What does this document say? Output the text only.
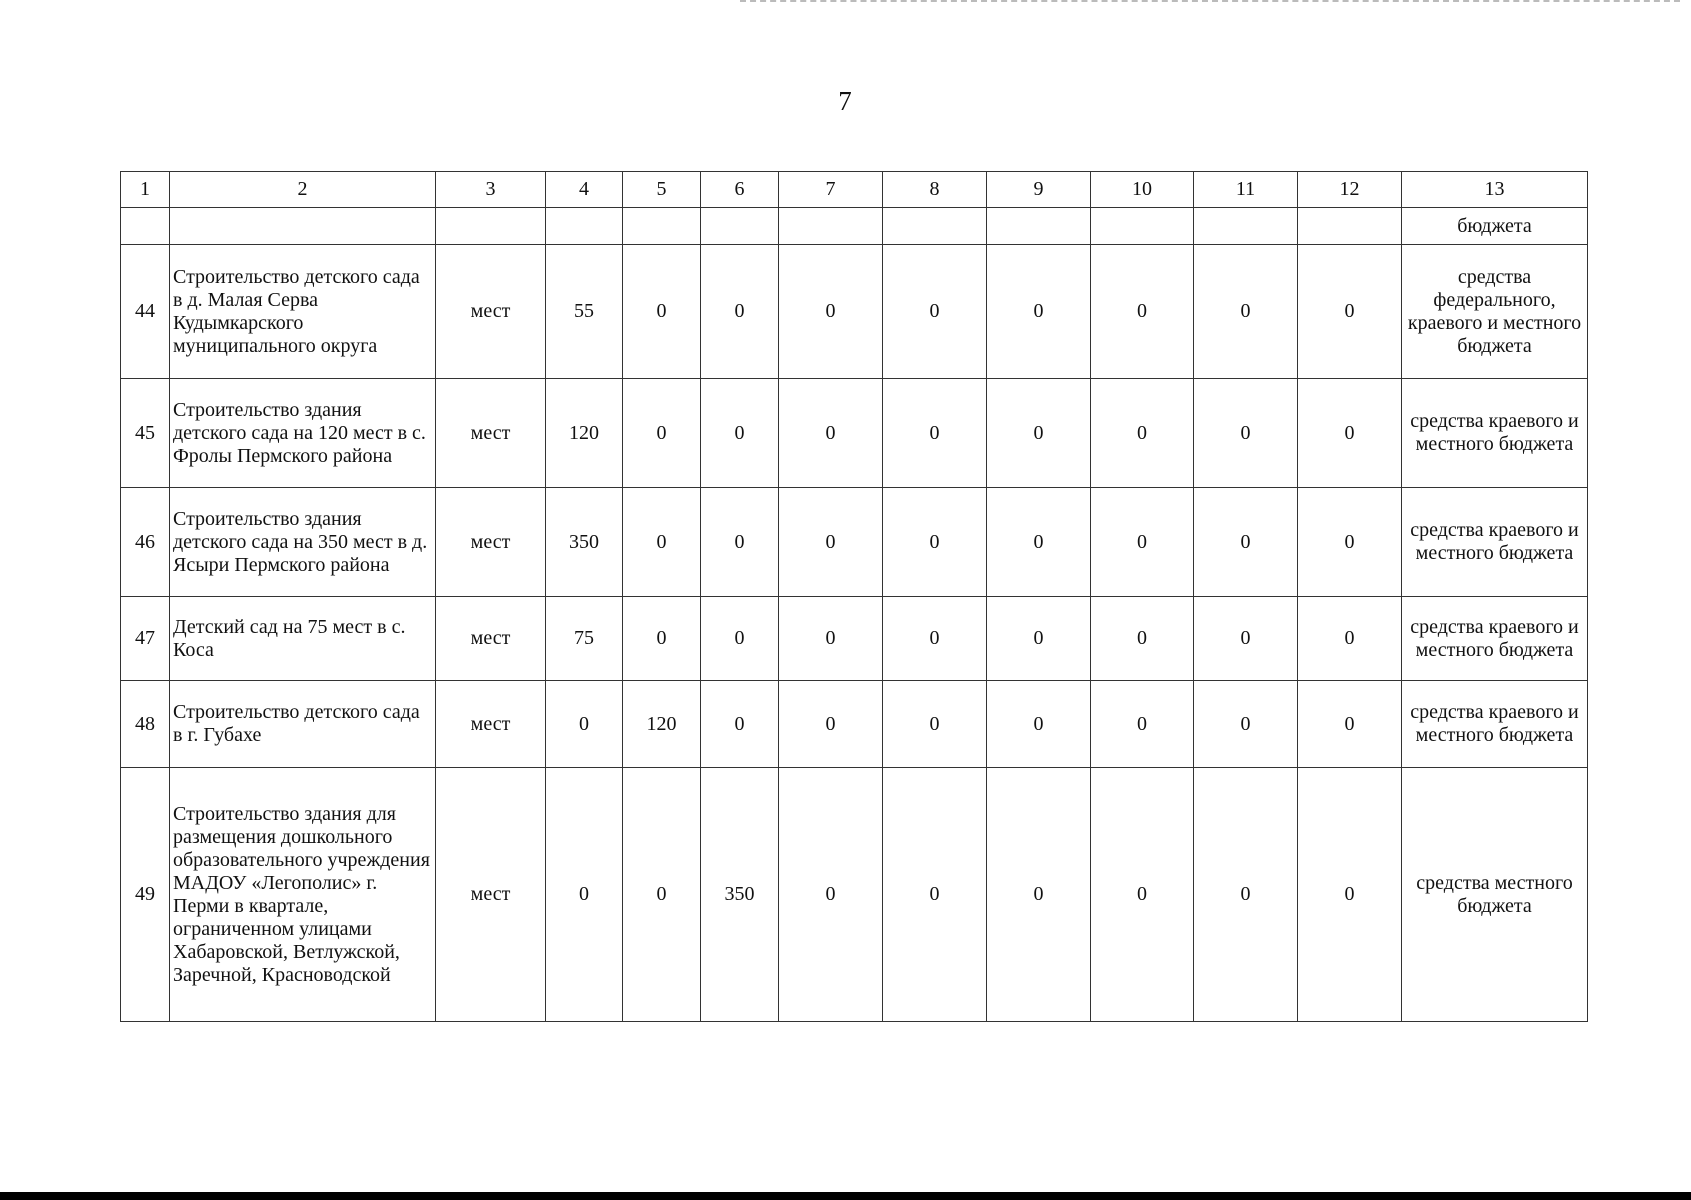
7
1	2	3	4	5	6	7	8	9	10	11	12	13
												бюджета
44	Строительство детского сада в д. Малая Серва Кудымкарского муниципального округа	мест	55	0	0	0	0	0	0	0	0	средства федерального, краевого и местного бюджета
45	Строительство здания детского сада на 120 мест в с. Фролы Пермского района	мест	120	0	0	0	0	0	0	0	0	средства краевого и местного бюджета
46	Строительство здания детского сада на 350 мест в д. Ясыри Пермского района	мест	350	0	0	0	0	0	0	0	0	средства краевого и местного бюджета
47	Детский сад на 75 мест в с. Коса	мест	75	0	0	0	0	0	0	0	0	средства краевого и местного бюджета
48	Строительство детского сада в г. Губахе	мест	0	120	0	0	0	0	0	0	0	средства краевого и местного бюджета
49	Строительство здания для размещения дошкольного образовательного учреждения МАДОУ «Легополис» г. Перми в квартале, ограниченном улицами Хабаровской, Ветлужской, Заречной, Красноводской	мест	0	0	350	0	0	0	0	0	0	средства местного бюджета
